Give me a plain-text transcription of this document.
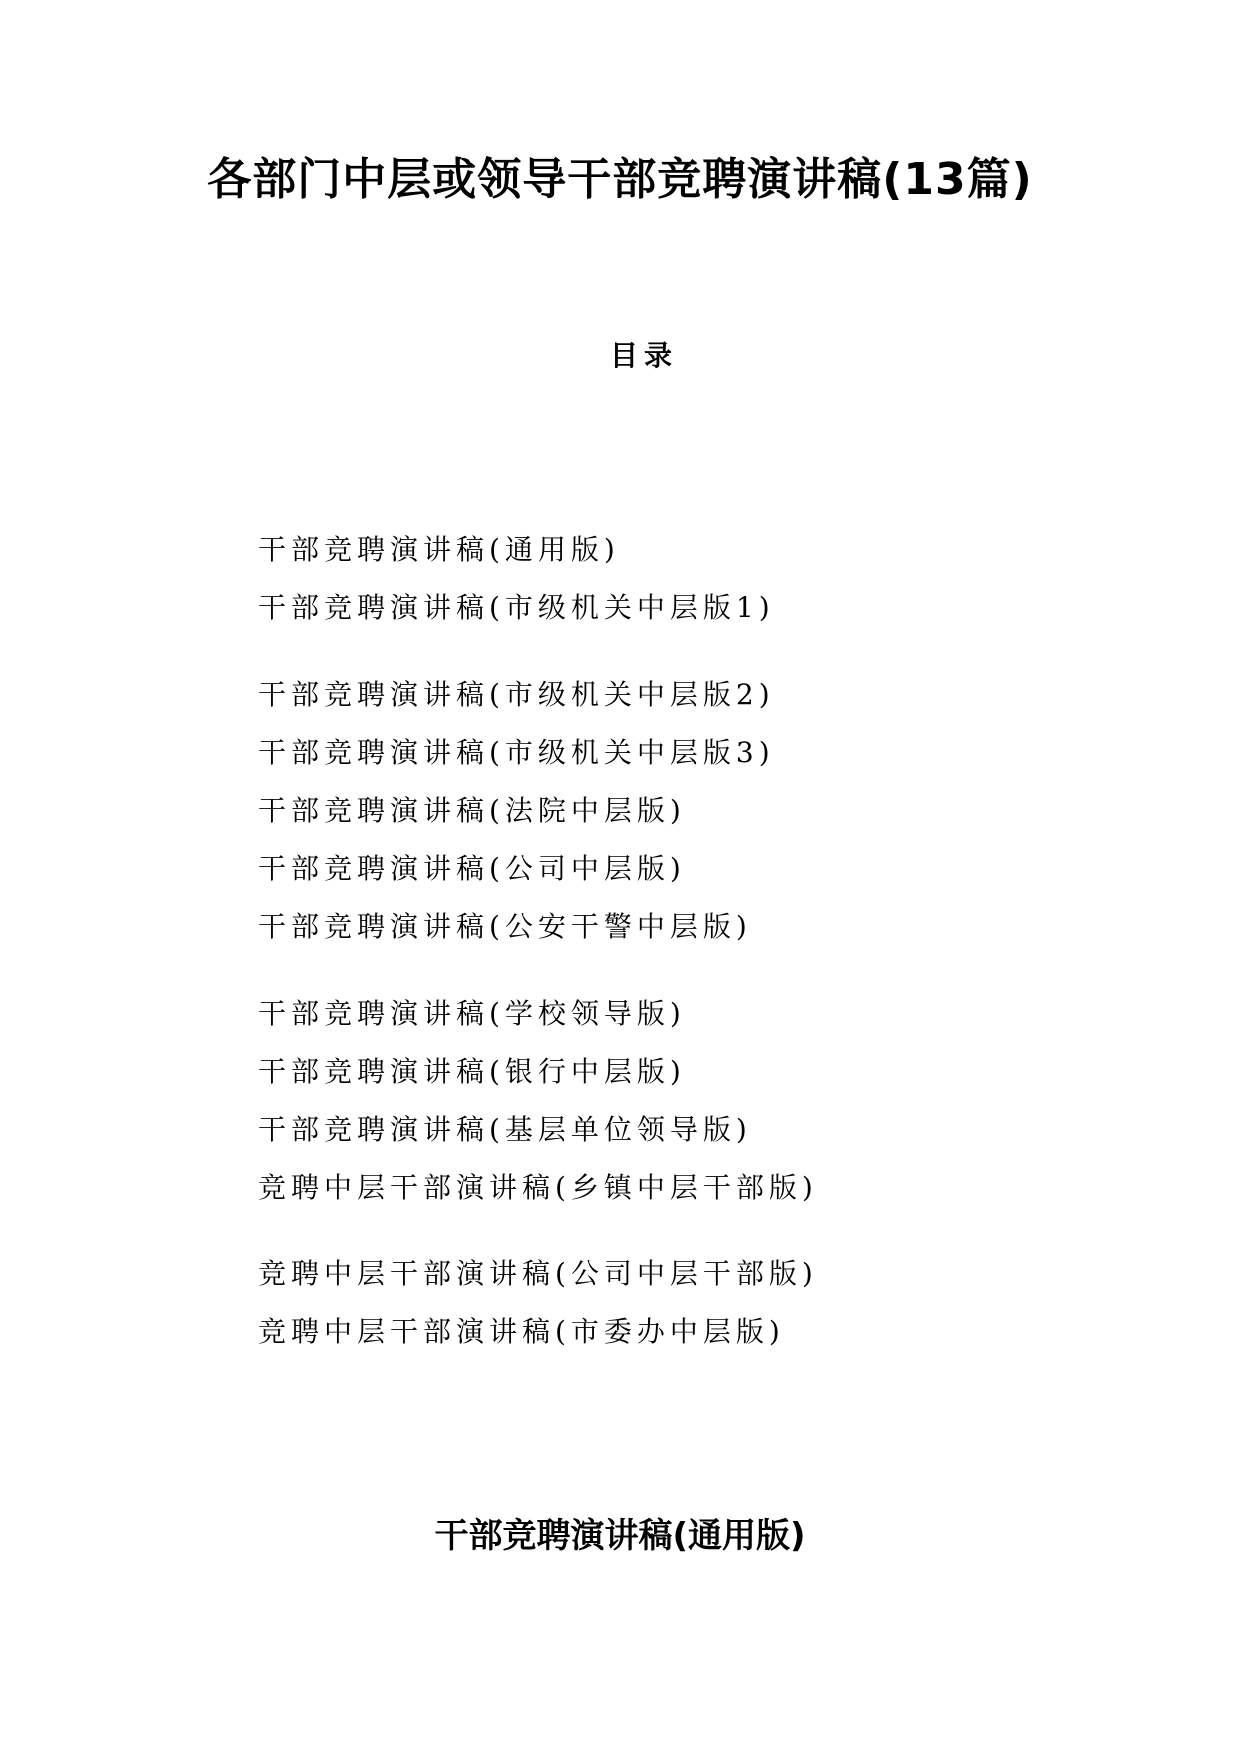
各部门中层或领导干部竞聘演讲稿(13篇)
目录
干部竞聘演讲稿(通用版)
干部竞聘演讲稿(市级机关中层版1)
干部竞聘演讲稿(市级机关中层版2)
干部竞聘演讲稿(市级机关中层版3)
干部竞聘演讲稿(法院中层版)
干部竞聘演讲稿(公司中层版)
干部竞聘演讲稿(公安干警中层版)
干部竞聘演讲稿(学校领导版)
干部竞聘演讲稿(银行中层版)
干部竞聘演讲稿(基层单位领导版)
竞聘中层干部演讲稿(乡镇中层干部版)
竞聘中层干部演讲稿(公司中层干部版)
竞聘中层干部演讲稿(市委办中层版)
干部竞聘演讲稿(通用版)
